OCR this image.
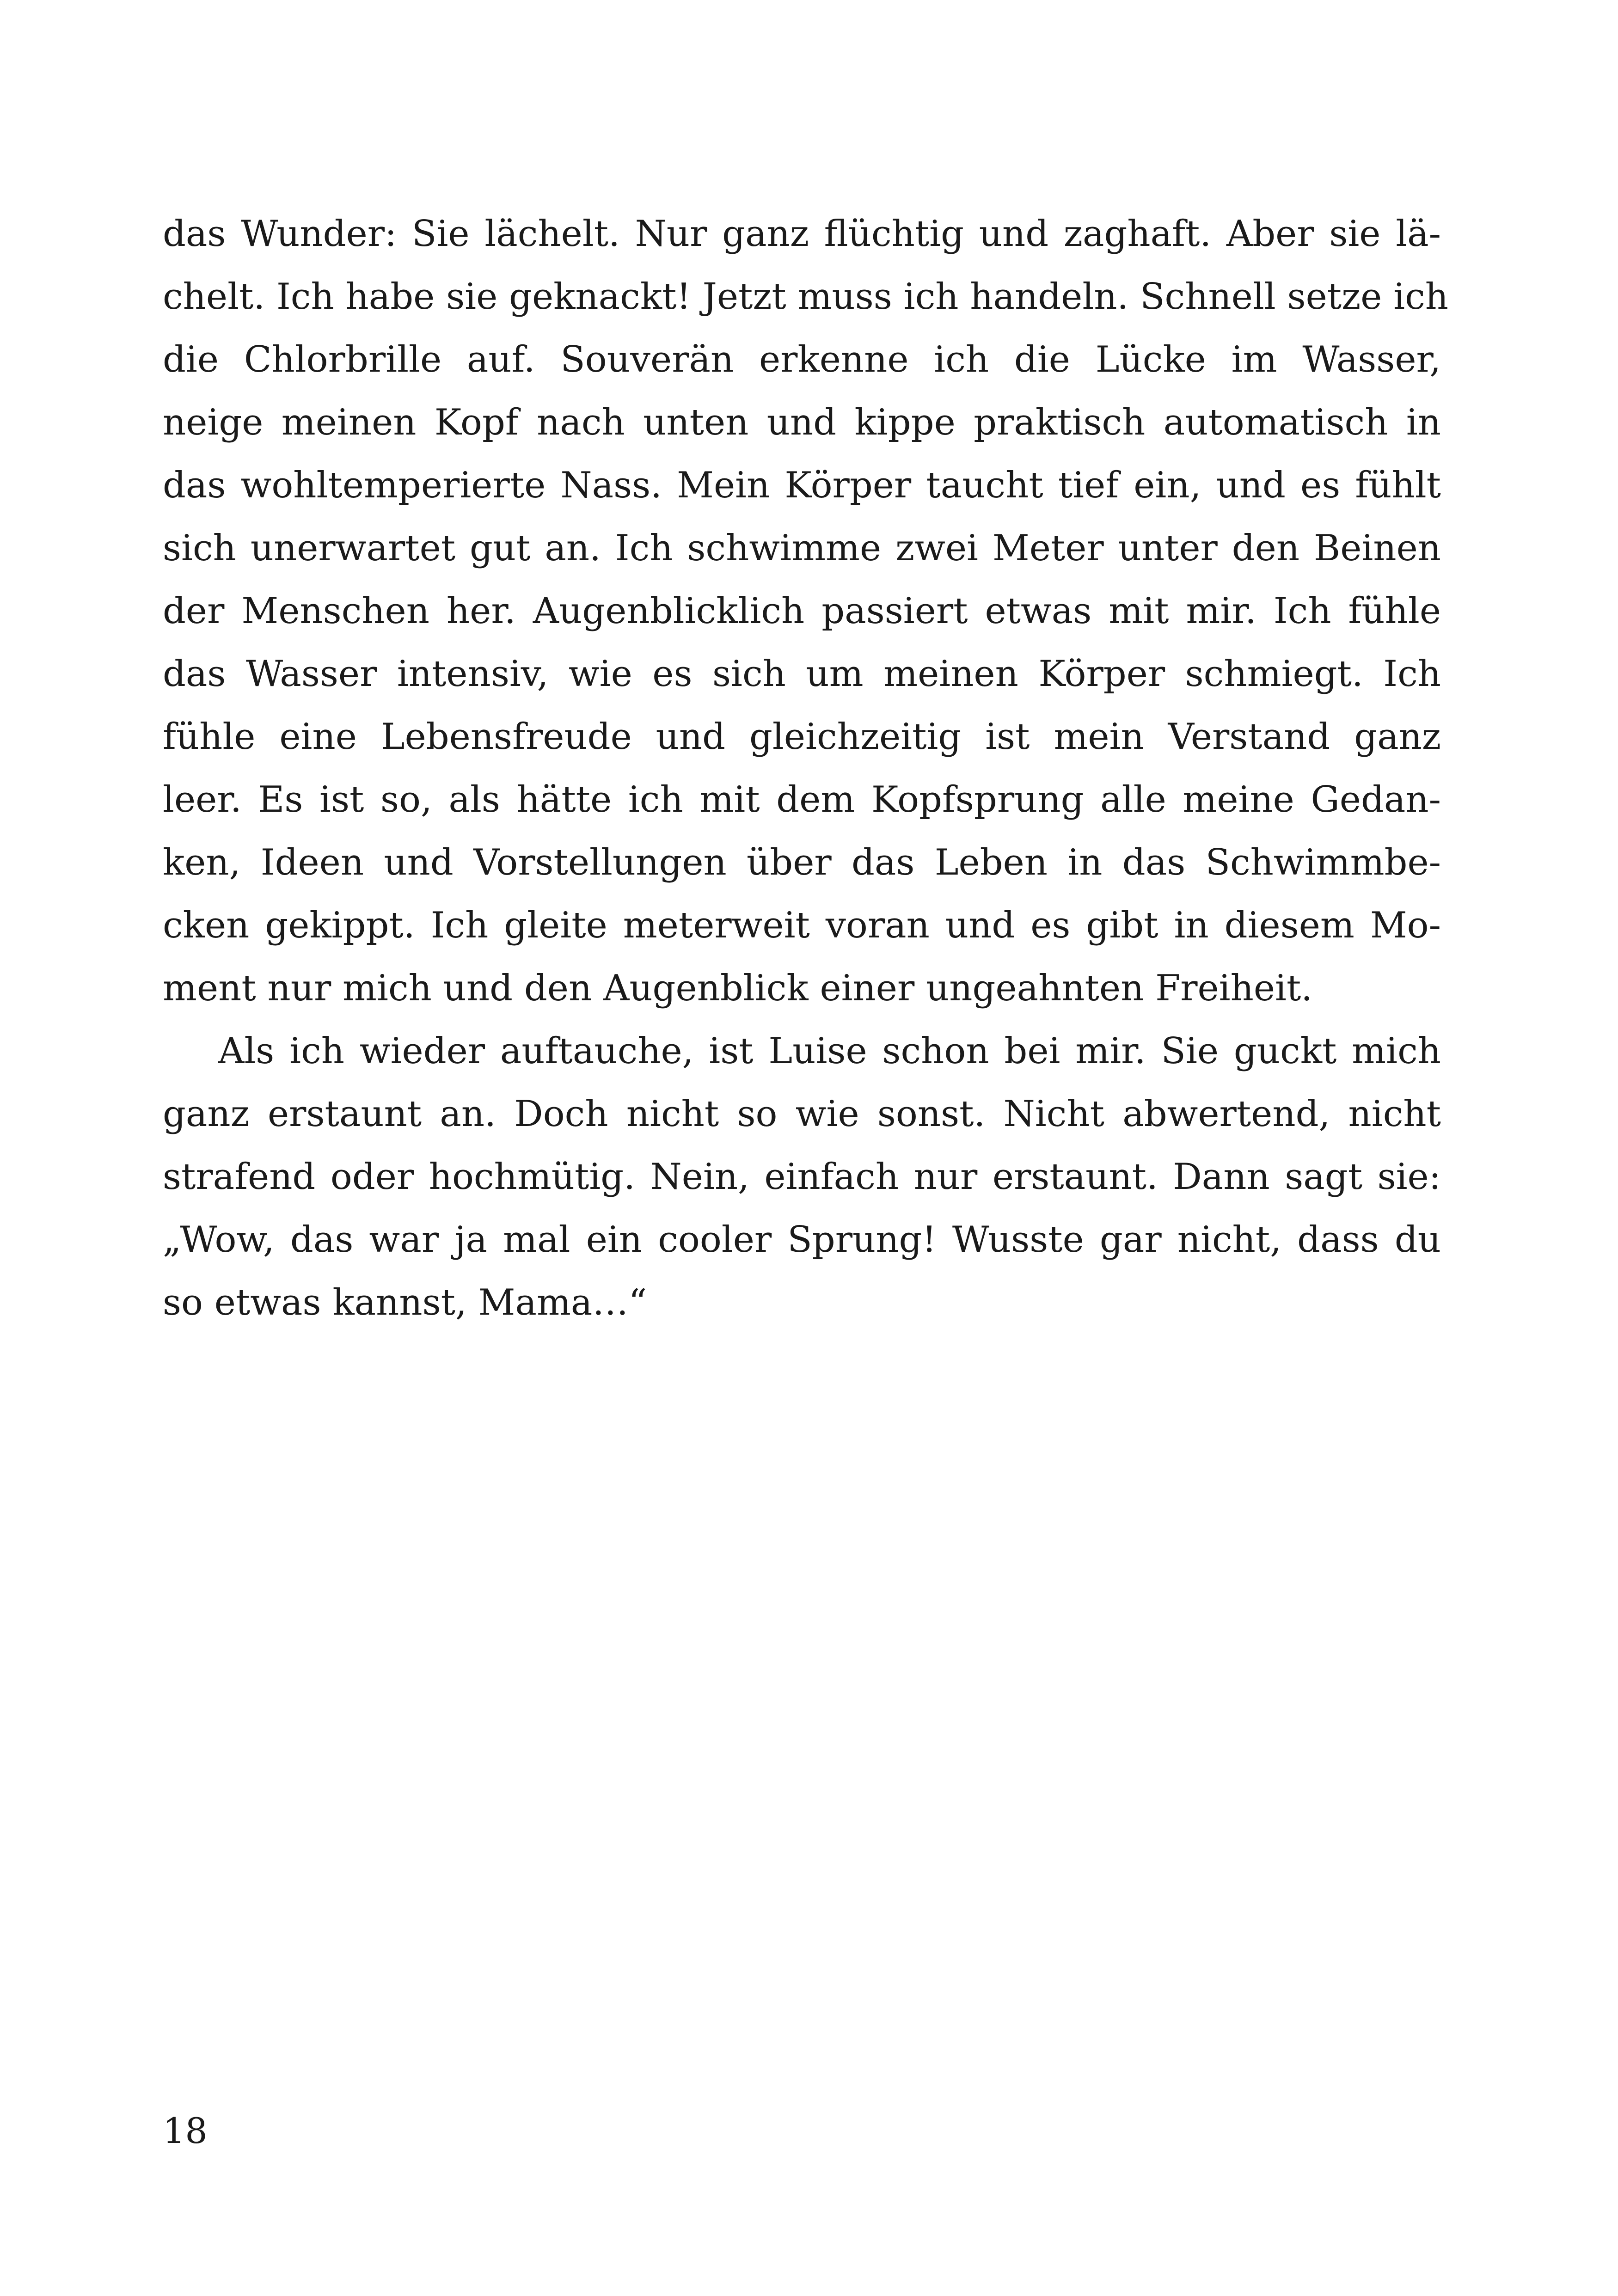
das Wunder: Sie lächelt. Nur ganz flüchtig und zaghaft. Aber sie lä-
chelt. Ich habe sie geknackt! Jetzt muss ich handeln. Schnell setze ich
die Chlorbrille auf. Souverän erkenne ich die Lücke im Wasser,
neige meinen Kopf nach unten und kippe praktisch automatisch in
das wohltemperierte Nass. Mein Körper taucht tief ein, und es fühlt
sich unerwartet gut an. Ich schwimme zwei Meter unter den Beinen
der Menschen her. Augenblicklich passiert etwas mit mir. Ich fühle
das Wasser intensiv, wie es sich um meinen Körper schmiegt. Ich
fühle eine Lebensfreude und gleichzeitig ist mein Verstand ganz
leer. Es ist so, als hätte ich mit dem Kopfsprung alle meine Gedan-
ken, Ideen und Vorstellungen über das Leben in das Schwimmbe-
cken gekippt. Ich gleite meterweit voran und es gibt in diesem Mo-
ment nur mich und den Augenblick einer ungeahnten Freiheit.

Als ich wieder auftauche, ist Luise schon bei mir. Sie guckt mich
ganz erstaunt an. Doch nicht so wie sonst. Nicht abwertend, nicht
strafend oder hochmütig. Nein, einfach nur erstaunt. Dann sagt sie:
„Wow, das war ja mal ein cooler Sprung! Wusste gar nicht, dass du
so etwas kannst, Mama…“

18
